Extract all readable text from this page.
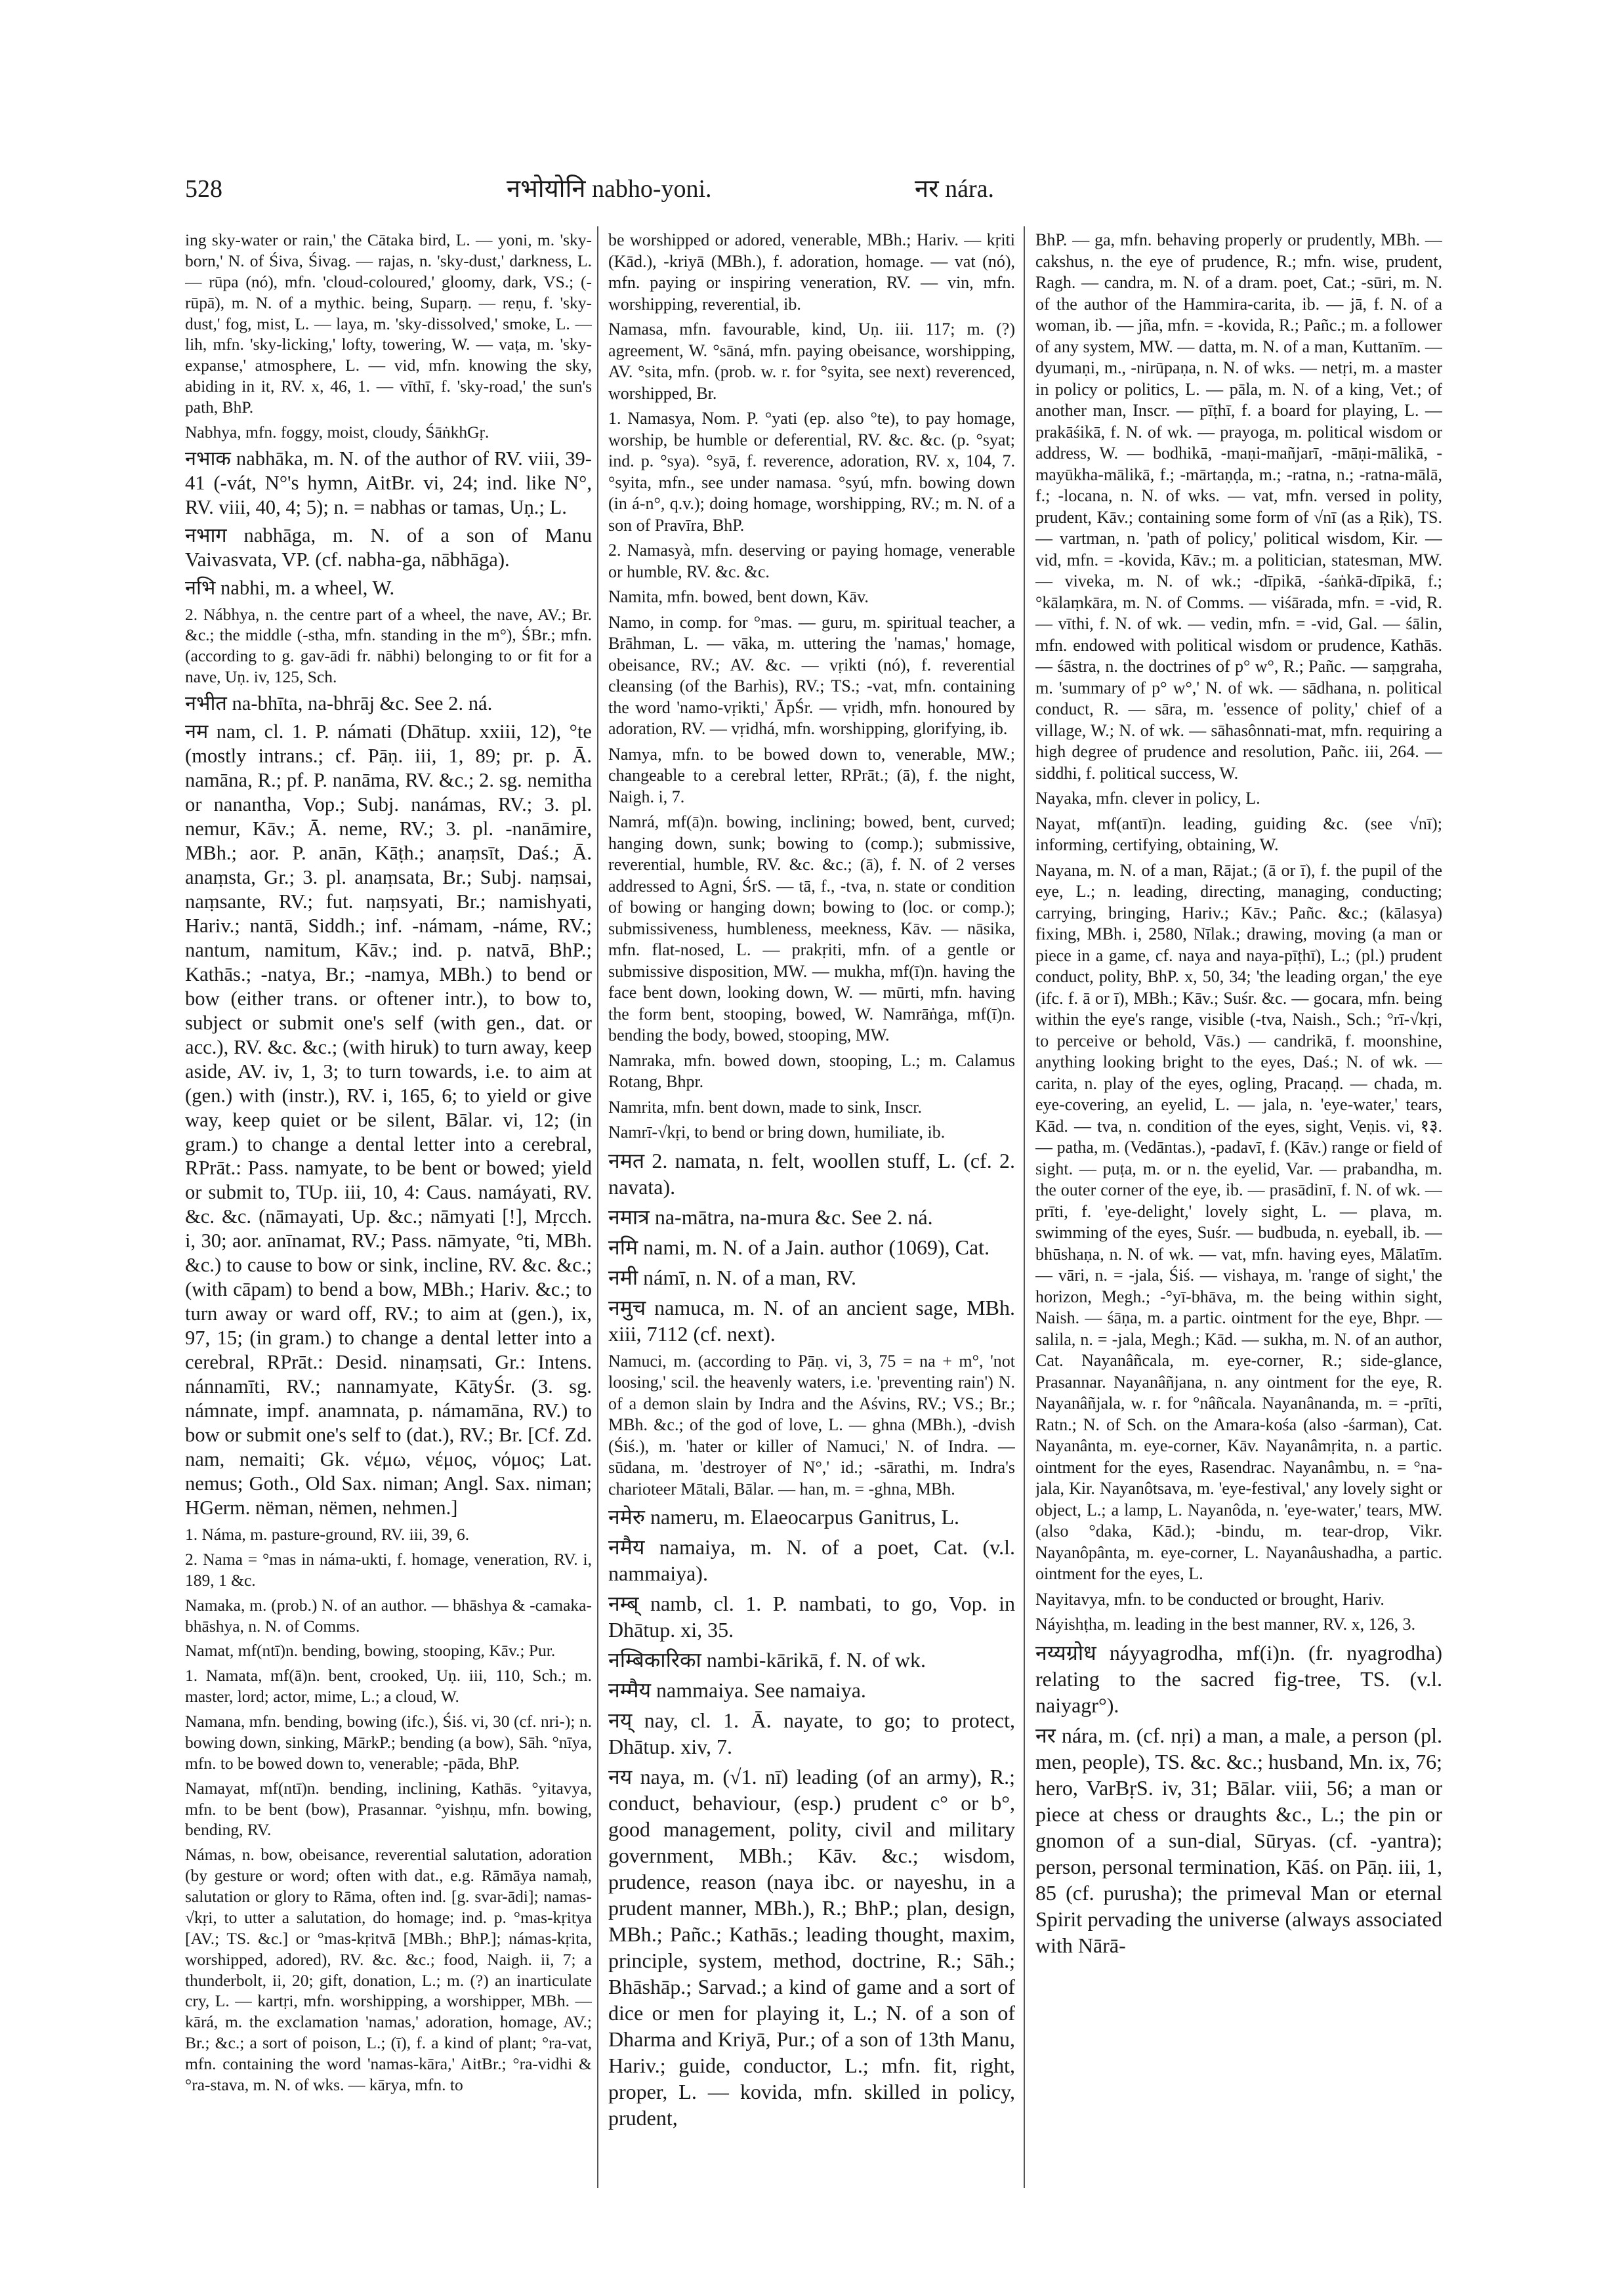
528	नभोयोनि nabho-yoni.	नर nára.

ing sky-water or rain,' the Cātaka bird, L. — yoni, m. 'sky-born,' N. of Śiva, Śivag. — rajas, n. 'sky-dust,' darkness, L. — rūpa (nó), mfn. 'cloud-coloured,' gloomy, dark, VS.; (-rūpā), m. N. of a mythic. being, Suparṇ. — reṇu, f. 'sky-dust,' fog, mist, L. — laya, m. 'sky-dissolved,' smoke, L. — lih, mfn. 'sky-licking,' lofty, towering, W. — vaṭa, m. 'sky-expanse,' atmosphere, L. — vid, mfn. knowing the sky, abiding in it, RV. x, 46, 1. — vīthī, f. 'sky-road,' the sun's path, BhP.

Nabhya, mfn. foggy, moist, cloudy, ŚāṅkhGṛ.

नभाक nabhāka, m. N. of the author of RV. viii, 39-41 (-vát, N°'s hymn, AitBr. vi, 24; ind. like N°, RV. viii, 40, 4; 5); n. = nabhas or tamas, Uṇ.; L.

नभाग nabhāga, m. N. of a son of Manu Vaivasvata, VP. (cf. nabha-ga, nābhāga).

नभि nabhi, m. a wheel, W.

2. Nábhya, n. the centre part of a wheel, the nave, AV.; Br. &c.; the middle (-stha, mfn. standing in the m°), ŚBr.; mfn. (according to g. gav-ādi fr. nābhi) belonging to or fit for a nave, Uṇ. iv, 125, Sch.

नभीत na-bhīta, na-bhrāj &c. See 2. ná.

नम nam, cl. 1. P. námati (Dhātup. xxiii, 12), °te (mostly intrans.; cf. Pāṇ. iii, 1, 89; pr. p. Ā. namāna, R.; pf. P. nanāma, RV. &c.; 2. sg. nemitha or nanantha, Vop.; Subj. nanámas, RV.; 3. pl. nemur, Kāv.; Ā. neme, RV.; 3. pl. -nanāmire, MBh.; aor. P. anān, Kāṭh.; anaṃsīt, Daś.; Ā. anaṃsta, Gr.; 3. pl. anaṃsata, Br.; Subj. naṃsai, naṃsante, RV.; fut. naṃsyati, Br.; namishyati, Hariv.; nantā, Siddh.; inf. -námam, -náme, RV.; nantum, namitum, Kāv.; ind. p. natvā, BhP.; Kathās.; -natya, Br.; -namya, MBh.) to bend or bow (either trans. or oftener intr.), to bow to, subject or submit one's self (with gen., dat. or acc.), RV. &c. &c.; (with hiruk) to turn away, keep aside, AV. iv, 1, 3; to turn towards, i.e. to aim at (gen.) with (instr.), RV. i, 165, 6; to yield or give way, keep quiet or be silent, Bālar. vi, 12; (in gram.) to change a dental letter into a cerebral, RPrāt.: Pass. namyate, to be bent or bowed; yield or submit to, TUp. iii, 10, 4: Caus. namáyati, RV. &c. &c. (nāmayati, Up. &c.; nāmyati [!], Mṛcch. i, 30; aor. anīnamat, RV.; Pass. nāmyate, °ti, MBh. &c.) to cause to bow or sink, incline, RV. &c. &c.; (with cāpam) to bend a bow, MBh.; Hariv. &c.; to turn away or ward off, RV.; to aim at (gen.), ix, 97, 15; (in gram.) to change a dental letter into a cerebral, RPrāt.: Desid. ninaṃsati, Gr.: Intens. nánnamīti, RV.; nannamyate, KātyŚr. (3. sg. námnate, impf. anamnata, p. námamāna, RV.) to bow or submit one's self to (dat.), RV.; Br. [Cf. Zd. nam, nemaiti; Gk. νέμω, νέμος, νόμος; Lat. nemus; Goth., Old Sax. niman; Angl. Sax. niman; HGerm. nëman, nëmen, nehmen.]

1. Náma, m. pasture-ground, RV. iii, 39, 6.

2. Nama = °mas in náma-ukti, f. homage, veneration, RV. i, 189, 1 &c.

Namaka, m. (prob.) N. of an author. — bhāshya & -camaka-bhāshya, n. N. of Comms.

Namat, mf(ntī)n. bending, bowing, stooping, Kāv.; Pur.

1. Namata, mf(ā)n. bent, crooked, Uṇ. iii, 110, Sch.; m. master, lord; actor, mime, L.; a cloud, W.

Namana, mfn. bending, bowing (ifc.), Śiś. vi, 30 (cf. nri-); n. bowing down, sinking, MārkP.; bending (a bow), Sāh. °nīya, mfn. to be bowed down to, venerable; -pāda, BhP.

Namayat, mf(ntī)n. bending, inclining, Kathās. °yitavya, mfn. to be bent (bow), Prasannar. °yishṇu, mfn. bowing, bending, RV.

Námas, n. bow, obeisance, reverential salutation, adoration (by gesture or word; often with dat., e.g. Rāmāya namaḥ, salutation or glory to Rāma, often ind. [g. svar-ādi]; namas-√kṛi, to utter a salutation, do homage; ind. p. °mas-kṛitya [AV.; TS. &c.] or °mas-kṛitvā [MBh.; BhP.]; námas-kṛita, worshipped, adored), RV. &c. &c.; food, Naigh. ii, 7; a thunderbolt, ii, 20; gift, donation, L.; m. (?) an inarticulate cry, L. — kartṛi, mfn. worshipping, a worshipper, MBh. — kārá, m. the exclamation 'namas,' adoration, homage, AV.; Br.; &c.; a sort of poison, L.; (ī), f. a kind of plant; °ra-vat, mfn. containing the word 'namas-kāra,' AitBr.; °ra-vidhi & °ra-stava, m. N. of wks. — kārya, mfn. to

be worshipped or adored, venerable, MBh.; Hariv. — kṛiti (Kād.), -kriyā (MBh.), f. adoration, homage. — vat (nó), mfn. paying or inspiring veneration, RV. — vin, mfn. worshipping, reverential, ib.

Namasa, mfn. favourable, kind, Uṇ. iii. 117; m. (?) agreement, W. °sāná, mfn. paying obeisance, worshipping, AV. °sita, mfn. (prob. w. r. for °syita, see next) reverenced, worshipped, Br.

1. Namasya, Nom. P. °yati (ep. also °te), to pay homage, worship, be humble or deferential, RV. &c. &c. (p. °syat; ind. p. °sya). °syā, f. reverence, adoration, RV. x, 104, 7. °syita, mfn., see under namasa. °syú, mfn. bowing down (in á-n°, q.v.); doing homage, worshipping, RV.; m. N. of a son of Pravīra, BhP.

2. Namasyà, mfn. deserving or paying homage, venerable or humble, RV. &c. &c.

Namita, mfn. bowed, bent down, Kāv.

Namo, in comp. for °mas. — guru, m. spiritual teacher, a Brāhman, L. — vāka, m. uttering the 'namas,' homage, obeisance, RV.; AV. &c. — vṛikti (nó), f. reverential cleansing (of the Barhis), RV.; TS.; -vat, mfn. containing the word 'namo-vṛikti,' ĀpŚr. — vṛidh, mfn. honoured by adoration, RV. — vṛidhá, mfn. worshipping, glorifying, ib.

Namya, mfn. to be bowed down to, venerable, MW.; changeable to a cerebral letter, RPrāt.; (ā), f. the night, Naigh. i, 7.

Namrá, mf(ā)n. bowing, inclining; bowed, bent, curved; hanging down, sunk; bowing to (comp.); submissive, reverential, humble, RV. &c. &c.; (ā), f. N. of 2 verses addressed to Agni, ŚrS. — tā, f., -tva, n. state or condition of bowing or hanging down; bowing to (loc. or comp.); submissiveness, humbleness, meekness, Kāv. — nāsika, mfn. flat-nosed, L. — prakṛiti, mfn. of a gentle or submissive disposition, MW. — mukha, mf(ī)n. having the face bent down, looking down, W. — mūrti, mfn. having the form bent, stooping, bowed, W. Namrāṅga, mf(ī)n. bending the body, bowed, stooping, MW.

Namraka, mfn. bowed down, stooping, L.; m. Calamus Rotang, Bhpr.

Namrita, mfn. bent down, made to sink, Inscr.

Namrī-√kṛi, to bend or bring down, humiliate, ib.

नमत 2. namata, n. felt, woollen stuff, L. (cf. 2. navata).

नमात्र na-mātra, na-mura &c. See 2. ná.

नमि nami, m. N. of a Jain. author (1069), Cat.

नमी námī, n. N. of a man, RV.

नमुच namuca, m. N. of an ancient sage, MBh. xiii, 7112 (cf. next).

Namuci, m. (according to Pāṇ. vi, 3, 75 = na + m°, 'not loosing,' scil. the heavenly waters, i.e. 'preventing rain') N. of a demon slain by Indra and the Aśvins, RV.; VS.; Br.; MBh. &c.; of the god of love, L. — ghna (MBh.), -dvish (Śiś.), m. 'hater or killer of Namuci,' N. of Indra. — sūdana, m. 'destroyer of N°,' id.; -sārathi, m. Indra's charioteer Mātali, Bālar. — han, m. = -ghna, MBh.

नमेरु nameru, m. Elaeocarpus Ganitrus, L.

नमैय namaiya, m. N. of a poet, Cat. (v.l. nammaiya).

नम्ब् namb, cl. 1. P. nambati, to go, Vop. in Dhātup. xi, 35.

नम्बिकारिका nambi-kārikā, f. N. of wk.

नम्मैय nammaiya. See namaiya.

नय् nay, cl. 1. Ā. nayate, to go; to protect, Dhātup. xiv, 7.

नय naya, m. (√1. nī) leading (of an army), R.; conduct, behaviour, (esp.) prudent c° or b°, good management, polity, civil and military government, MBh.; Kāv. &c.; wisdom, prudence, reason (naya ibc. or nayeshu, in a prudent manner, MBh.), R.; BhP.; plan, design, MBh.; Pañc.; Kathās.; leading thought, maxim, principle, system, method, doctrine, R.; Sāh.; Bhāshāp.; Sarvad.; a kind of game and a sort of dice or men for playing it, L.; N. of a son of Dharma and Kriyā, Pur.; of a son of 13th Manu, Hariv.; guide, conductor, L.; mfn. fit, right, proper, L. — kovida, mfn. skilled in policy, prudent,

BhP. — ga, mfn. behaving properly or prudently, MBh. — cakshus, n. the eye of prudence, R.; mfn. wise, prudent, Ragh. — candra, m. N. of a dram. poet, Cat.; -sūri, m. N. of the author of the Hammira-carita, ib. — jā, f. N. of a woman, ib. — jña, mfn. = -kovida, R.; Pañc.; m. a follower of any system, MW. — datta, m. N. of a man, Kuttanīm. — dyumaṇi, m., -nirūpaṇa, n. N. of wks. — netṛi, m. a master in policy or politics, L. — pāla, m. N. of a king, Vet.; of another man, Inscr. — pīṭhī, f. a board for playing, L. — prakāśikā, f. N. of wk. — prayoga, m. political wisdom or address, W. — bodhikā, -maṇi-mañjarī, -māṇi-mālikā, -mayūkha-mālikā, f.; -mārtaṇḍa, m.; -ratna, n.; -ratna-mālā, f.; -locana, n. N. of wks. — vat, mfn. versed in polity, prudent, Kāv.; containing some form of √nī (as a Ṛik), TS. — vartman, n. 'path of policy,' political wisdom, Kir. — vid, mfn. = -kovida, Kāv.; m. a politician, statesman, MW. — viveka, m. N. of wk.; -dīpikā, -śaṅkā-dīpikā, f.; °kālaṃkāra, m. N. of Comms. — viśārada, mfn. = -vid, R. — vīthi, f. N. of wk. — vedin, mfn. = -vid, Gal. — śālin, mfn. endowed with political wisdom or prudence, Kathās. — śāstra, n. the doctrines of p° w°, R.; Pañc. — saṃgraha, m. 'summary of p° w°,' N. of wk. — sādhana, n. political conduct, R. — sāra, m. 'essence of polity,' chief of a village, W.; N. of wk. — sāhasônnati-mat, mfn. requiring a high degree of prudence and resolution, Pañc. iii, 264. — siddhi, f. political success, W.

Nayaka, mfn. clever in policy, L.

Nayat, mf(antī)n. leading, guiding &c. (see √nī); informing, certifying, obtaining, W.

Nayana, m. N. of a man, Rājat.; (ā or ī), f. the pupil of the eye, L.; n. leading, directing, managing, conducting; carrying, bringing, Hariv.; Kāv.; Pañc. &c.; (kālasya) fixing, MBh. i, 2580, Nīlak.; drawing, moving (a man or piece in a game, cf. naya and naya-pīṭhī), L.; (pl.) prudent conduct, polity, BhP. x, 50, 34; 'the leading organ,' the eye (ifc. f. ā or ī), MBh.; Kāv.; Suśr. &c. — gocara, mfn. being within the eye's range, visible (-tva, Naish., Sch.; °rī-√kṛi, to perceive or behold, Vās.) — candrikā, f. moonshine, anything looking bright to the eyes, Daś.; N. of wk. — carita, n. play of the eyes, ogling, Pracaṇḍ. — chada, m. eye-covering, an eyelid, L. — jala, n. 'eye-water,' tears, Kād. — tva, n. condition of the eyes, sight, Veṇis. vi, १३. — patha, m. (Vedāntas.), -padavī, f. (Kāv.) range or field of sight. — puṭa, m. or n. the eyelid, Var. — prabandha, m. the outer corner of the eye, ib. — prasādinī, f. N. of wk. — prīti, f. 'eye-delight,' lovely sight, L. — plava, m. swimming of the eyes, Suśr. — budbuda, n. eyeball, ib. — bhūshaṇa, n. N. of wk. — vat, mfn. having eyes, Mālatīm. — vāri, n. = -jala, Śiś. — vishaya, m. 'range of sight,' the horizon, Megh.; -°yī-bhāva, m. the being within sight, Naish. — śāṇa, m. a partic. ointment for the eye, Bhpr. — salila, n. = -jala, Megh.; Kād. — sukha, m. N. of an author, Cat. Nayanâñcala, m. eye-corner, R.; side-glance, Prasannar. Nayanâñjana, n. any ointment for the eye, R. Nayanâñjala, w. r. for °nâñcala. Nayanânanda, m. = -prīti, Ratn.; N. of Sch. on the Amara-kośa (also -śarman), Cat. Nayanânta, m. eye-corner, Kāv. Nayanâmṛita, n. a partic. ointment for the eyes, Rasendrac. Nayanâmbu, n. = °na-jala, Kir. Nayanôtsava, m. 'eye-festival,' any lovely sight or object, L.; a lamp, L. Nayanôda, n. 'eye-water,' tears, MW. (also °daka, Kād.); -bindu, m. tear-drop, Vikr. Nayanôpânta, m. eye-corner, L. Nayanâushadha, a partic. ointment for the eyes, L.

Nayitavya, mfn. to be conducted or brought, Hariv.

Náyishṭha, m. leading in the best manner, RV. x, 126, 3.

नय्यग्रोध náyyagrodha, mf(i)n. (fr. nyagrodha) relating to the sacred fig-tree, TS. (v.l. naiyagr°).

नर nára, m. (cf. nṛi) a man, a male, a person (pl. men, people), TS. &c. &c.; husband, Mn. ix, 76; hero, VarBṛS. iv, 31; Bālar. viii, 56; a man or piece at chess or draughts &c., L.; the pin or gnomon of a sun-dial, Sūryas. (cf. -yantra); person, personal termination, Kāś. on Pāṇ. iii, 1, 85 (cf. purusha); the primeval Man or eternal Spirit pervading the universe (always associated with Nārā-
